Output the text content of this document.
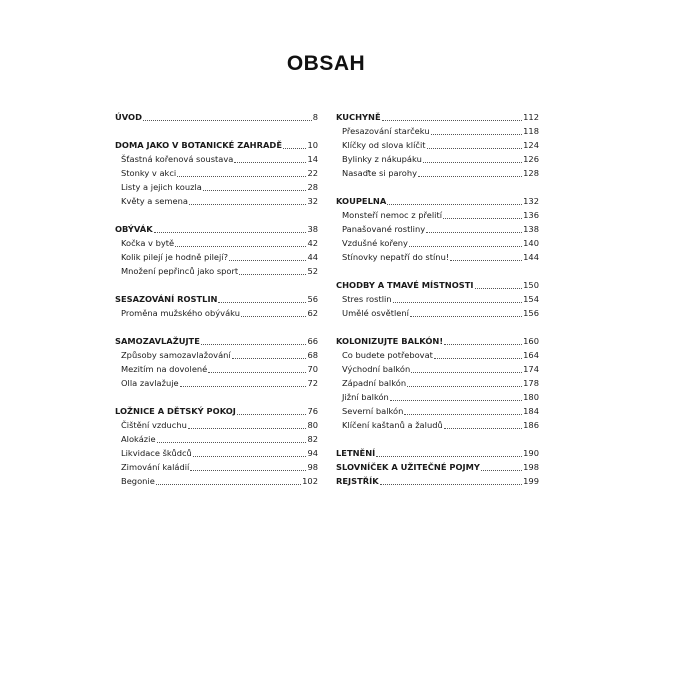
OBSAH
ÚVOD	8
DOMA JAKO V BOTANICKÉ ZAHRADĚ	10
Šťastná kořenová soustava	14
Stonky v akci	22
Listy a jejich kouzla	28
Květy a semena	32
OBÝVÁK	38
Kočka v bytě	42
Kolik pilejí je hodně pilejí?	44
Množení pepřinců jako sport	52
SESAZOVÁNÍ ROSTLIN	56
Proměna mužského obýváku	62
SAMOZAVLAŽUJTE	66
Způsoby samozavlažování	68
Mezitím na dovolené	70
Olla zavlažuje	72
LOŽNICE A DĚTSKÝ POKOJ	76
Čištění vzduchu	80
Alokázie	82
Likvidace škůdců	94
Zimování kaládií	98
Begonie	102
KUCHYNĚ	112
Přesazování starčeku	118
Klíčky od slova klíčit	124
Bylinky z nákupáku	126
Nasaďte si parohy	128
KOUPELNA	132
Monsteří nemoc z přelití	136
Panašované rostliny	138
Vzdušné kořeny	140
Stínovky nepatří do stínu!	144
CHODBY A TMAVÉ MÍSTNOSTI	150
Stres rostlin	154
Umělé osvětlení	156
KOLONIZUJTE BALKÓN!	160
Co budete potřebovat	164
Východní balkón	174
Západní balkón	178
Jižní balkón	180
Severní balkón	184
Klíčení kaštanů a žaludů	186
LETNĚNÍ	190
SLOVNÍČEK A UŽITEČNÉ POJMY	198
REJSTŘÍK	199
